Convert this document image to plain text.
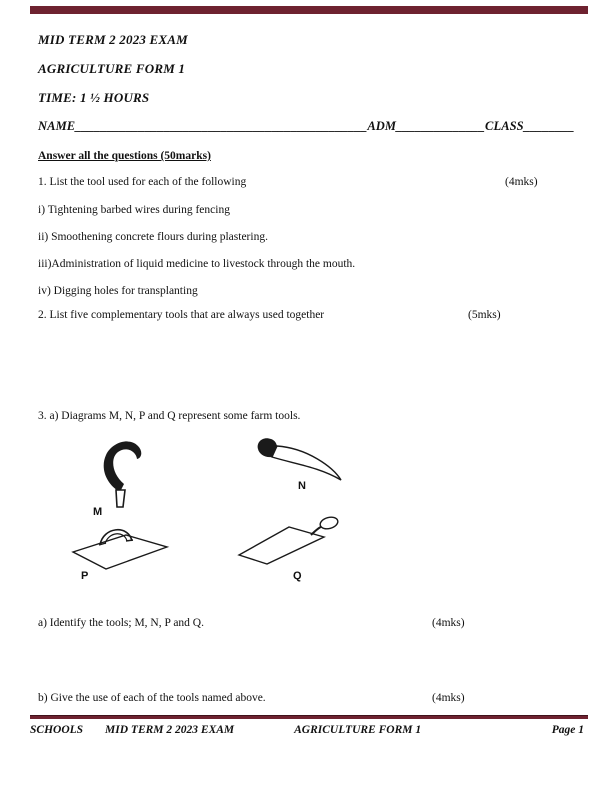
MID TERM 2 2023 EXAM
AGRICULTURE FORM 1
TIME: 1 ½ HOURS
NAME______________________________________________ADM______________CLASS________
Answer all the questions (50marks)
1. List the tool used for each of the following	(4mks)
i) Tightening barbed wires during fencing
ii) Smoothening concrete flours during plastering.
iii)Administration of liquid medicine to livestock through the mouth.
iv) Digging holes for transplanting
2. List five complementary tools that are always used together	(5mks)
3. a) Diagrams M, N, P and Q represent some farm tools.
M
N
P	Q
a) Identify the tools; M, N, P and Q.	(4mks)
b) Give the use of each of the tools named above.	(4mks)
SCHOOLS MID TERM 2 2023 EXAM	AGRICULTURE FORM 1	Page 1
